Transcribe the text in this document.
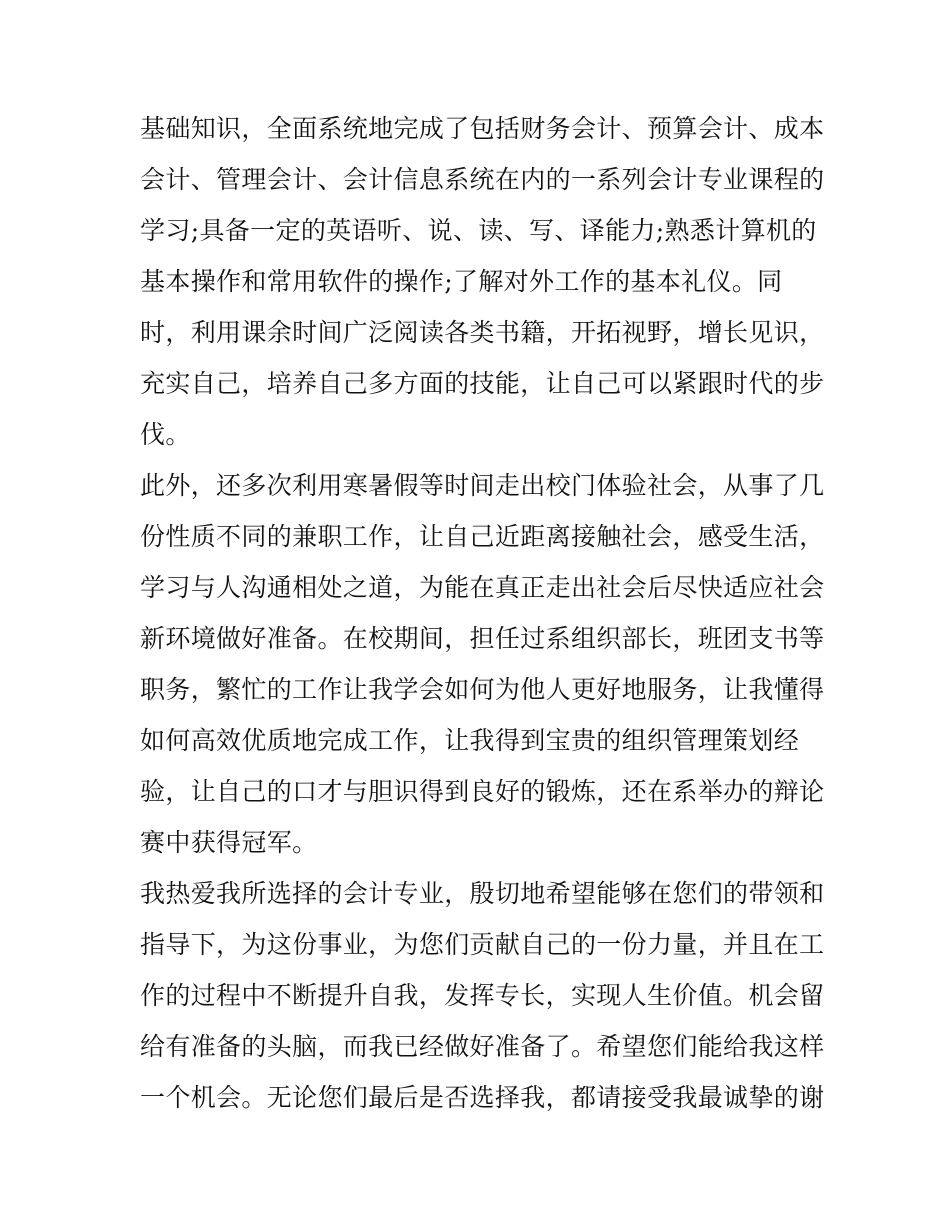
基础知识，全面系统地完成了包括财务会计、预算会计、成本
会计、管理会计、会计信息系统在内的一系列会计专业课程的
学习;具备一定的英语听、说、读、写、译能力;熟悉计算机的
基本操作和常用软件的操作;了解对外工作的基本礼仪。同
时，利用课余时间广泛阅读各类书籍，开拓视野，增长见识，
充实自己，培养自己多方面的技能，让自己可以紧跟时代的步
伐。
此外，还多次利用寒暑假等时间走出校门体验社会，从事了几
份性质不同的兼职工作，让自己近距离接触社会，感受生活，
学习与人沟通相处之道，为能在真正走出社会后尽快适应社会
新环境做好准备。在校期间，担任过系组织部长，班团支书等
职务，繁忙的工作让我学会如何为他人更好地服务，让我懂得
如何高效优质地完成工作，让我得到宝贵的组织管理策划经
验，让自己的口才与胆识得到良好的锻炼，还在系举办的辩论
赛中获得冠军。
我热爱我所选择的会计专业，殷切地希望能够在您们的带领和
指导下，为这份事业，为您们贡献自己的一份力量，并且在工
作的过程中不断提升自我，发挥专长，实现人生价值。机会留
给有准备的头脑，而我已经做好准备了。希望您们能给我这样
一个机会。无论您们最后是否选择我，都请接受我最诚挚的谢
